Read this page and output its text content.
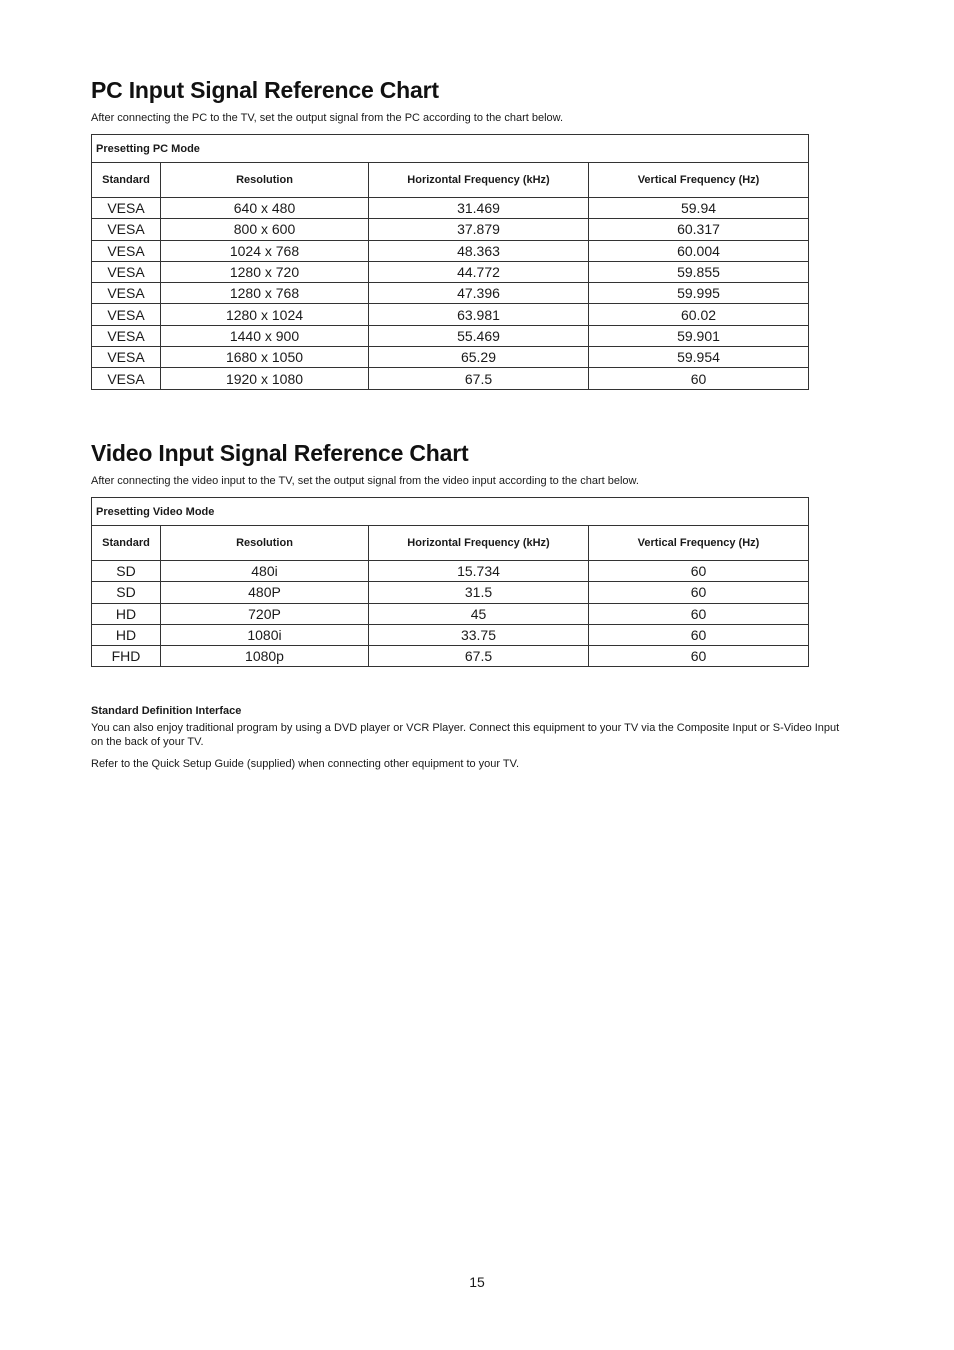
PC Input Signal Reference Chart

After connecting the PC to the TV, set the output signal from the PC according to the chart below.

Presetting PC Mode			
Standard	Resolution	Horizontal Frequency (kHz)	Vertical Frequency (Hz)
VESA	640 x 480	31.469	59.94
VESA	800 x 600	37.879	60.317
VESA	1024 x 768	48.363	60.004
VESA	1280 x 720	44.772	59.855
VESA	1280 x 768	47.396	59.995
VESA	1280 x 1024	63.981	60.02
VESA	1440 x 900	55.469	59.901
VESA	1680 x 1050	65.29	59.954
VESA	1920 x 1080	67.5	60
Video Input Signal Reference Chart

After connecting the video input to the TV, set the output signal from the video input according to the chart below.

Presetting Video Mode			
Standard	Resolution	Horizontal Frequency (kHz)	Vertical Frequency (Hz)
SD	480i	15.734	60
SD	480P	31.5	60
HD	720P	45	60
HD	1080i	33.75	60
FHD	1080p	67.5	60
Standard Definition Interface

You can also enjoy traditional program by using a DVD player or VCR Player. Connect this equipment to your TV via the Composite Input or S-Video Input on the back of your TV.

Refer to the Quick Setup Guide (supplied) when connecting other equipment to your TV.

15
